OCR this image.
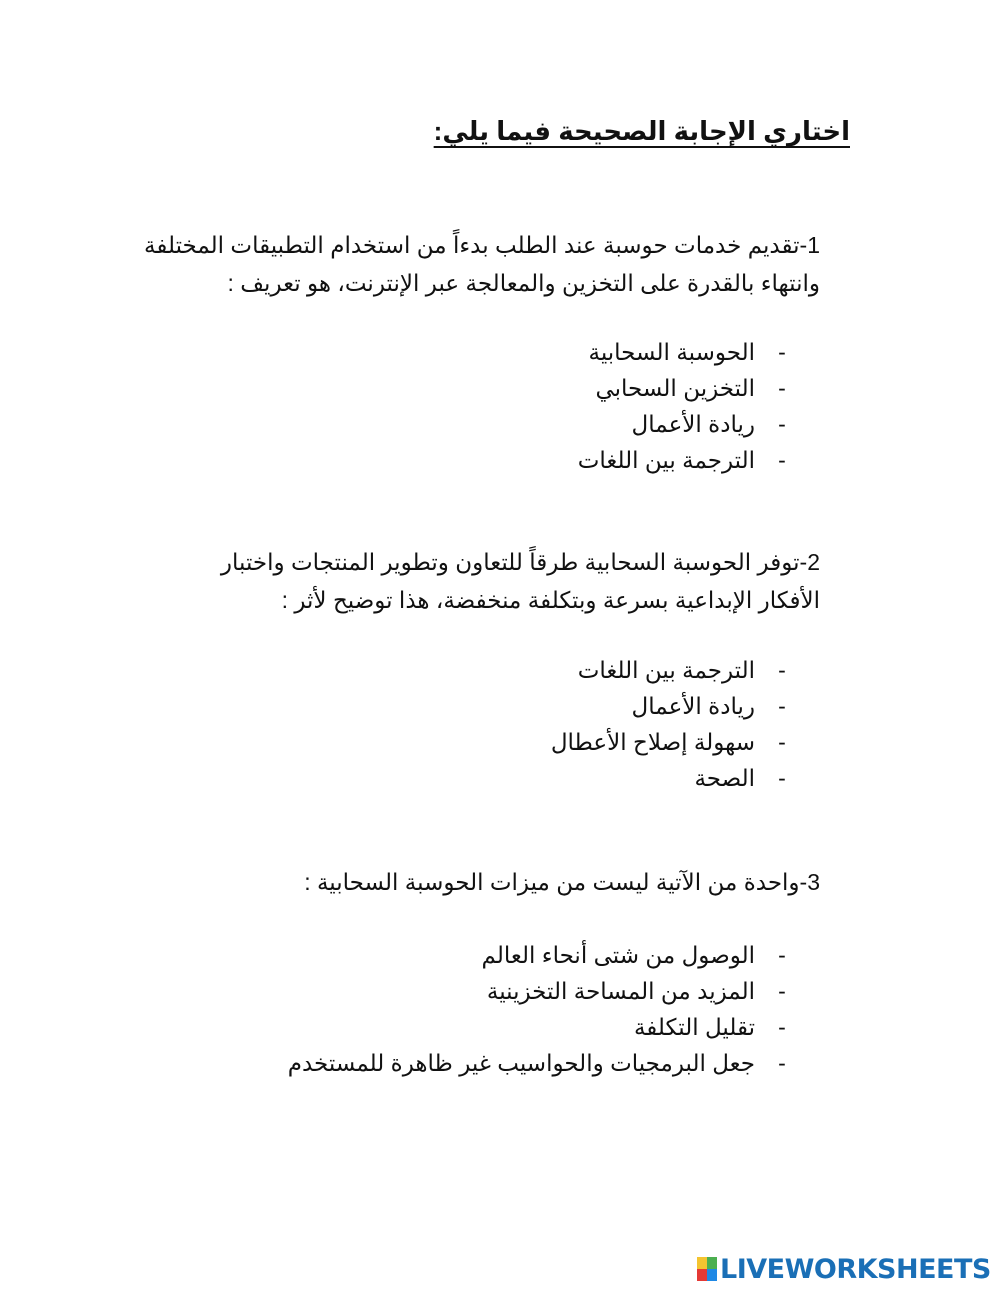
اختاري الإجابة الصحيحة فيما يلي:
1-تقديم خدمات حوسبة عند الطلب بدءاً من استخدام التطبيقات المختلفة
وانتهاء بالقدرة على التخزين والمعالجة عبر الإنترنت، هو تعريف :
-
الحوسبة السحابية
-
التخزين السحابي
-
ريادة الأعمال
-
الترجمة بين اللغات
2-توفر الحوسبة السحابية طرقاً للتعاون وتطوير المنتجات واختبار
الأفكار الإبداعية بسرعة وبتكلفة منخفضة، هذا توضيح لأثر :
-
الترجمة بين اللغات
-
ريادة الأعمال
-
سهولة إصلاح الأعطال
-
الصحة
3-واحدة من الآتية ليست من ميزات الحوسبة السحابية :
-
الوصول من شتى أنحاء العالم
-
المزيد من المساحة التخزينية
-
تقليل التكلفة
-
جعل البرمجيات والحواسيب غير ظاهرة للمستخدم
LIVEWORKSHEETS
